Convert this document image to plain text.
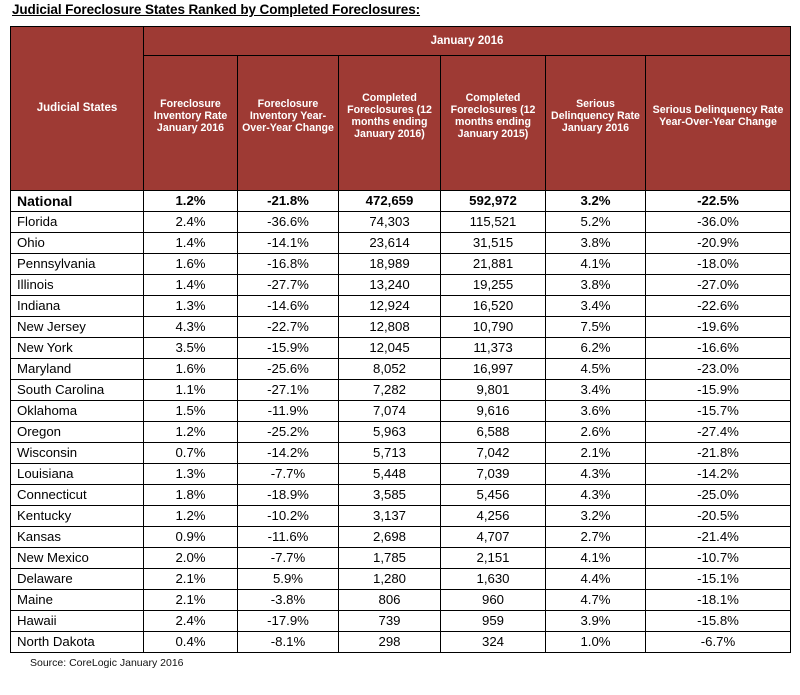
Judicial Foreclosure States Ranked by Completed Foreclosures:
Judicial States	January 2016					
	Foreclosure Inventory Rate January 2016	Foreclosure Inventory Year-Over-Year Change	Completed Foreclosures (12 months ending January 2016)	Completed Foreclosures (12 months ending January 2015)	Serious Delinquency Rate January 2016	Serious Delinquency Rate Year-Over-Year Change
National	1.2%	-21.8%	472,659	592,972	3.2%	-22.5%
Florida	2.4%	-36.6%	74,303	115,521	5.2%	-36.0%
Ohio	1.4%	-14.1%	23,614	31,515	3.8%	-20.9%
Pennsylvania	1.6%	-16.8%	18,989	21,881	4.1%	-18.0%
Illinois	1.4%	-27.7%	13,240	19,255	3.8%	-27.0%
Indiana	1.3%	-14.6%	12,924	16,520	3.4%	-22.6%
New Jersey	4.3%	-22.7%	12,808	10,790	7.5%	-19.6%
New York	3.5%	-15.9%	12,045	11,373	6.2%	-16.6%
Maryland	1.6%	-25.6%	8,052	16,997	4.5%	-23.0%
South Carolina	1.1%	-27.1%	7,282	9,801	3.4%	-15.9%
Oklahoma	1.5%	-11.9%	7,074	9,616	3.6%	-15.7%
Oregon	1.2%	-25.2%	5,963	6,588	2.6%	-27.4%
Wisconsin	0.7%	-14.2%	5,713	7,042	2.1%	-21.8%
Louisiana	1.3%	-7.7%	5,448	7,039	4.3%	-14.2%
Connecticut	1.8%	-18.9%	3,585	5,456	4.3%	-25.0%
Kentucky	1.2%	-10.2%	3,137	4,256	3.2%	-20.5%
Kansas	0.9%	-11.6%	2,698	4,707	2.7%	-21.4%
New Mexico	2.0%	-7.7%	1,785	2,151	4.1%	-10.7%
Delaware	2.1%	5.9%	1,280	1,630	4.4%	-15.1%
Maine	2.1%	-3.8%	806	960	4.7%	-18.1%
Hawaii	2.4%	-17.9%	739	959	3.9%	-15.8%
North Dakota	0.4%	-8.1%	298	324	1.0%	-6.7%
Source: CoreLogic January 2016
